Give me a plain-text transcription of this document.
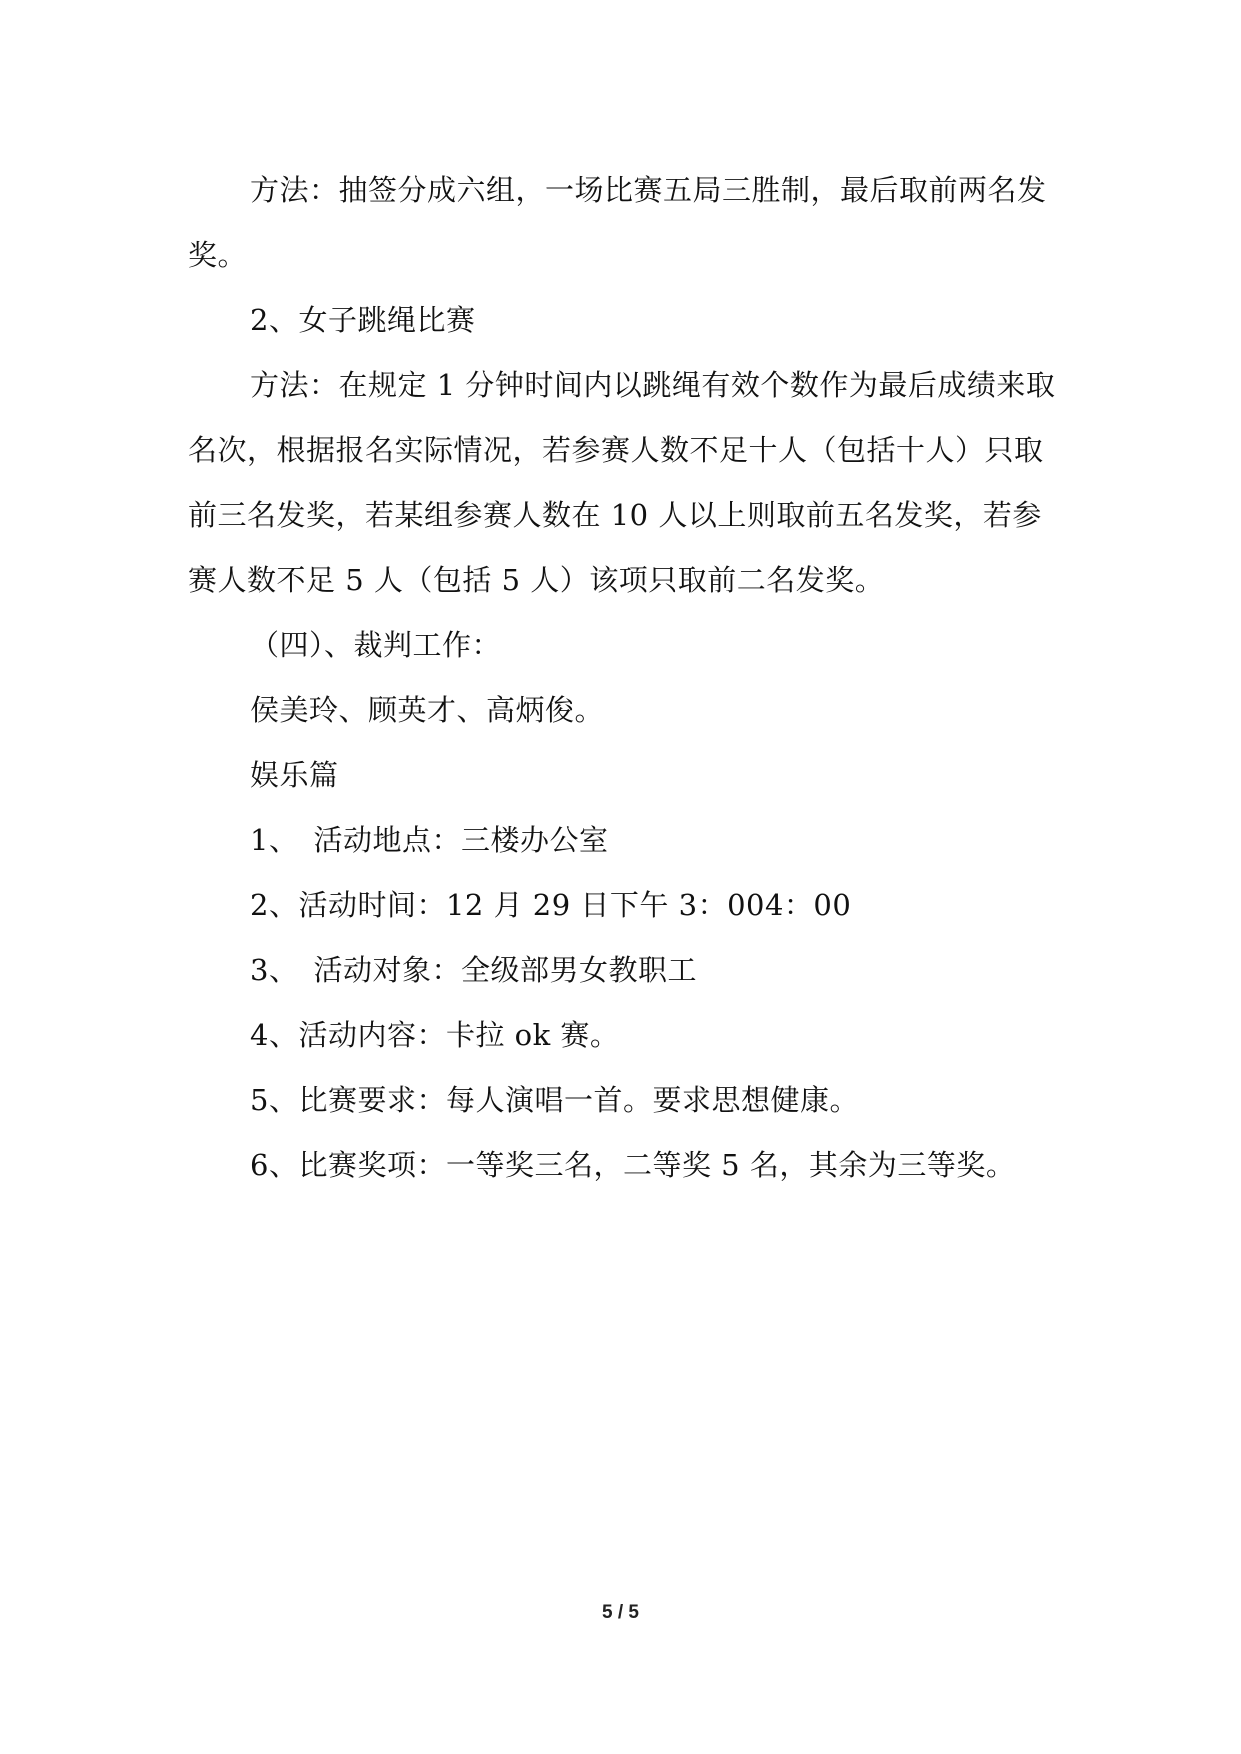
方法：抽签分成六组，一场比赛五局三胜制，最后取前两名发奖。

2、女子跳绳比赛

方法：在规定 1 分钟时间内以跳绳有效个数作为最后成绩来取名次，根据报名实际情况，若参赛人数不足十人（包括十人）只取前三名发奖，若某组参赛人数在 10 人以上则取前五名发奖，若参赛人数不足 5 人（包括 5 人）该项只取前二名发奖。

（四）、裁判工作：

侯美玲、顾英才、高炳俊。

娱乐篇

1、　活动地点：三楼办公室

2、活动时间：12 月 29 日下午 3：004：00

3、　活动对象：全级部男女教职工

4、活动内容：卡拉 ok 赛。

5、比赛要求：每人演唱一首。要求思想健康。

6、比赛奖项：一等奖三名，二等奖 5 名，其余为三等奖。

5 / 5
